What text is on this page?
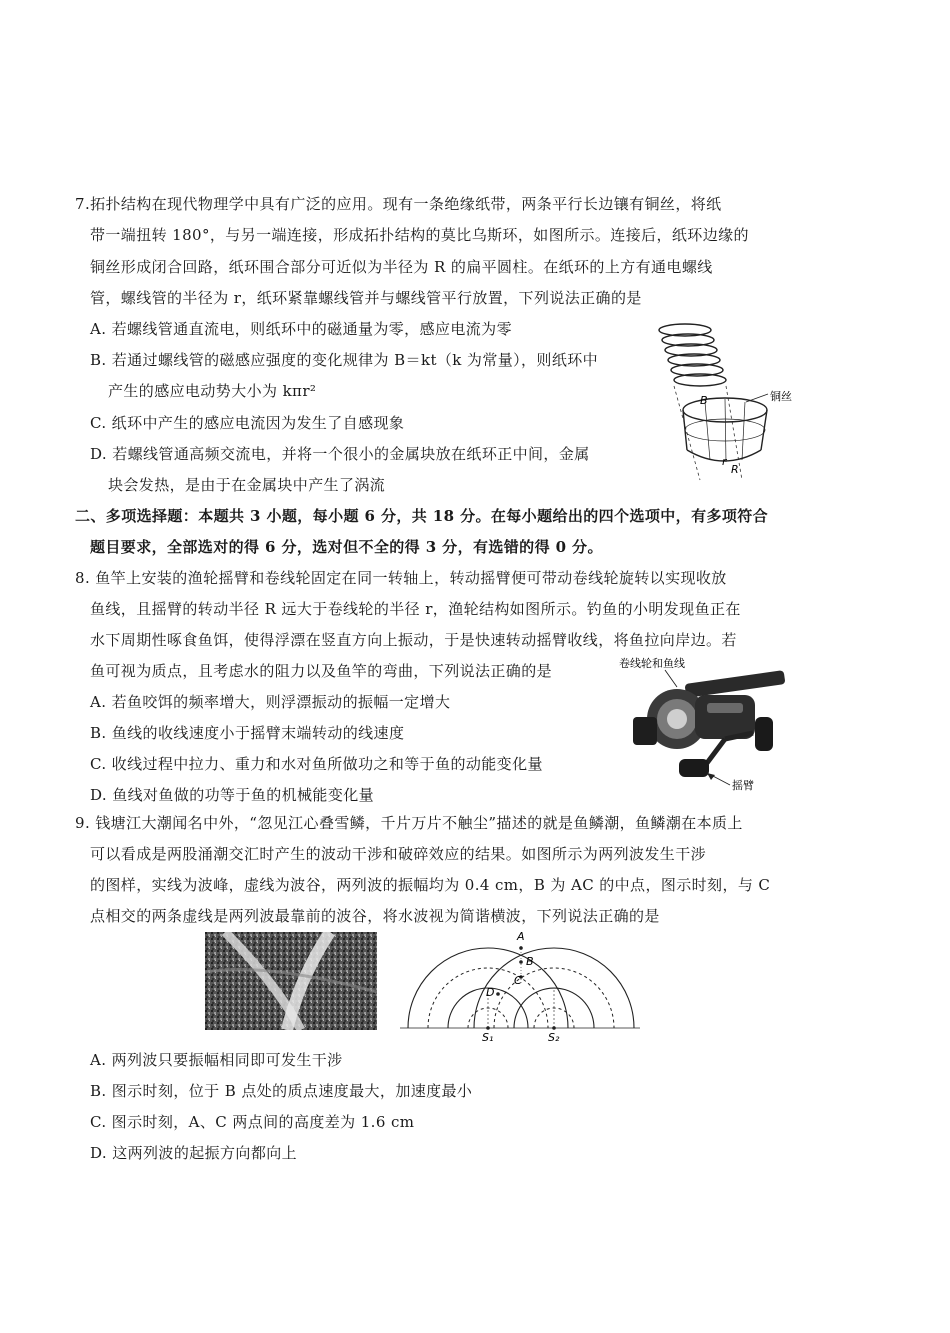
7.拓扑结构在现代物理学中具有广泛的应用。现有一条绝缘纸带，两条平行长边镶有铜丝，将纸
带一端扭转 180°，与另一端连接，形成拓扑结构的莫比乌斯环，如图所示。连接后，纸环边缘的
铜丝形成闭合回路，纸环围合部分可近似为半径为 R 的扁平圆柱。在纸环的上方有通电螺线
管，螺线管的半径为 r，纸环紧靠螺线管并与螺线管平行放置，下列说法正确的是
A. 若螺线管通直流电，则纸环中的磁通量为零，感应电流为零
B. 若通过螺线管的磁感应强度的变化规律为 B＝kt（k 为常量），则纸环中
产生的感应电动势大小为 kπr²
C. 纸环中产生的感应电流因为发生了自感现象
D. 若螺线管通高频交流电，并将一个很小的金属块放在纸环正中间，金属
块会发热，是由于在金属块中产生了涡流
铜丝
B
r
R
二、多项选择题：本题共 3 小题，每小题 6 分，共 18 分。在每小题给出的四个选项中，有多项符合
题目要求，全部选对的得 6 分，选对但不全的得 3 分，有选错的得 0 分。
8. 鱼竿上安装的渔轮摇臂和卷线轮固定在同一转轴上，转动摇臂便可带动卷线轮旋转以实现收放
鱼线，且摇臂的转动半径 R 远大于卷线轮的半径 r，渔轮结构如图所示。钓鱼的小明发现鱼正在
水下周期性啄食鱼饵，使得浮漂在竖直方向上振动，于是快速转动摇臂收线，将鱼拉向岸边。若
鱼可视为质点，且考虑水的阻力以及鱼竿的弯曲，下列说法正确的是
A. 若鱼咬饵的频率增大，则浮漂振动的振幅一定增大
B. 鱼线的收线速度小于摇臂末端转动的线速度
C. 收线过程中拉力、重力和水对鱼所做功之和等于鱼的动能变化量
D. 鱼线对鱼做的功等于鱼的机械能变化量
卷线轮和鱼线
摇臂
9. 钱塘江大潮闻名中外，“忽见江心叠雪鳞，千片万片不触尘”描述的就是鱼鳞潮，鱼鳞潮在本质上
可以看成是两股涌潮交汇时产生的波动干涉和破碎效应的结果。如图所示为两列波发生干涉
的图样，实线为波峰，虚线为波谷，两列波的振幅均为 0.4 cm，B 为 AC 的中点，图示时刻，与 C
点相交的两条虚线是两列波最靠前的波谷，将水波视为简谐横波，下列说法正确的是
A
B
C
D
S₁	S₂
A. 两列波只要振幅相同即可发生干涉
B. 图示时刻，位于 B 点处的质点速度最大，加速度最小
C. 图示时刻，A、C 两点间的高度差为 1.6 cm
D. 这两列波的起振方向都向上
